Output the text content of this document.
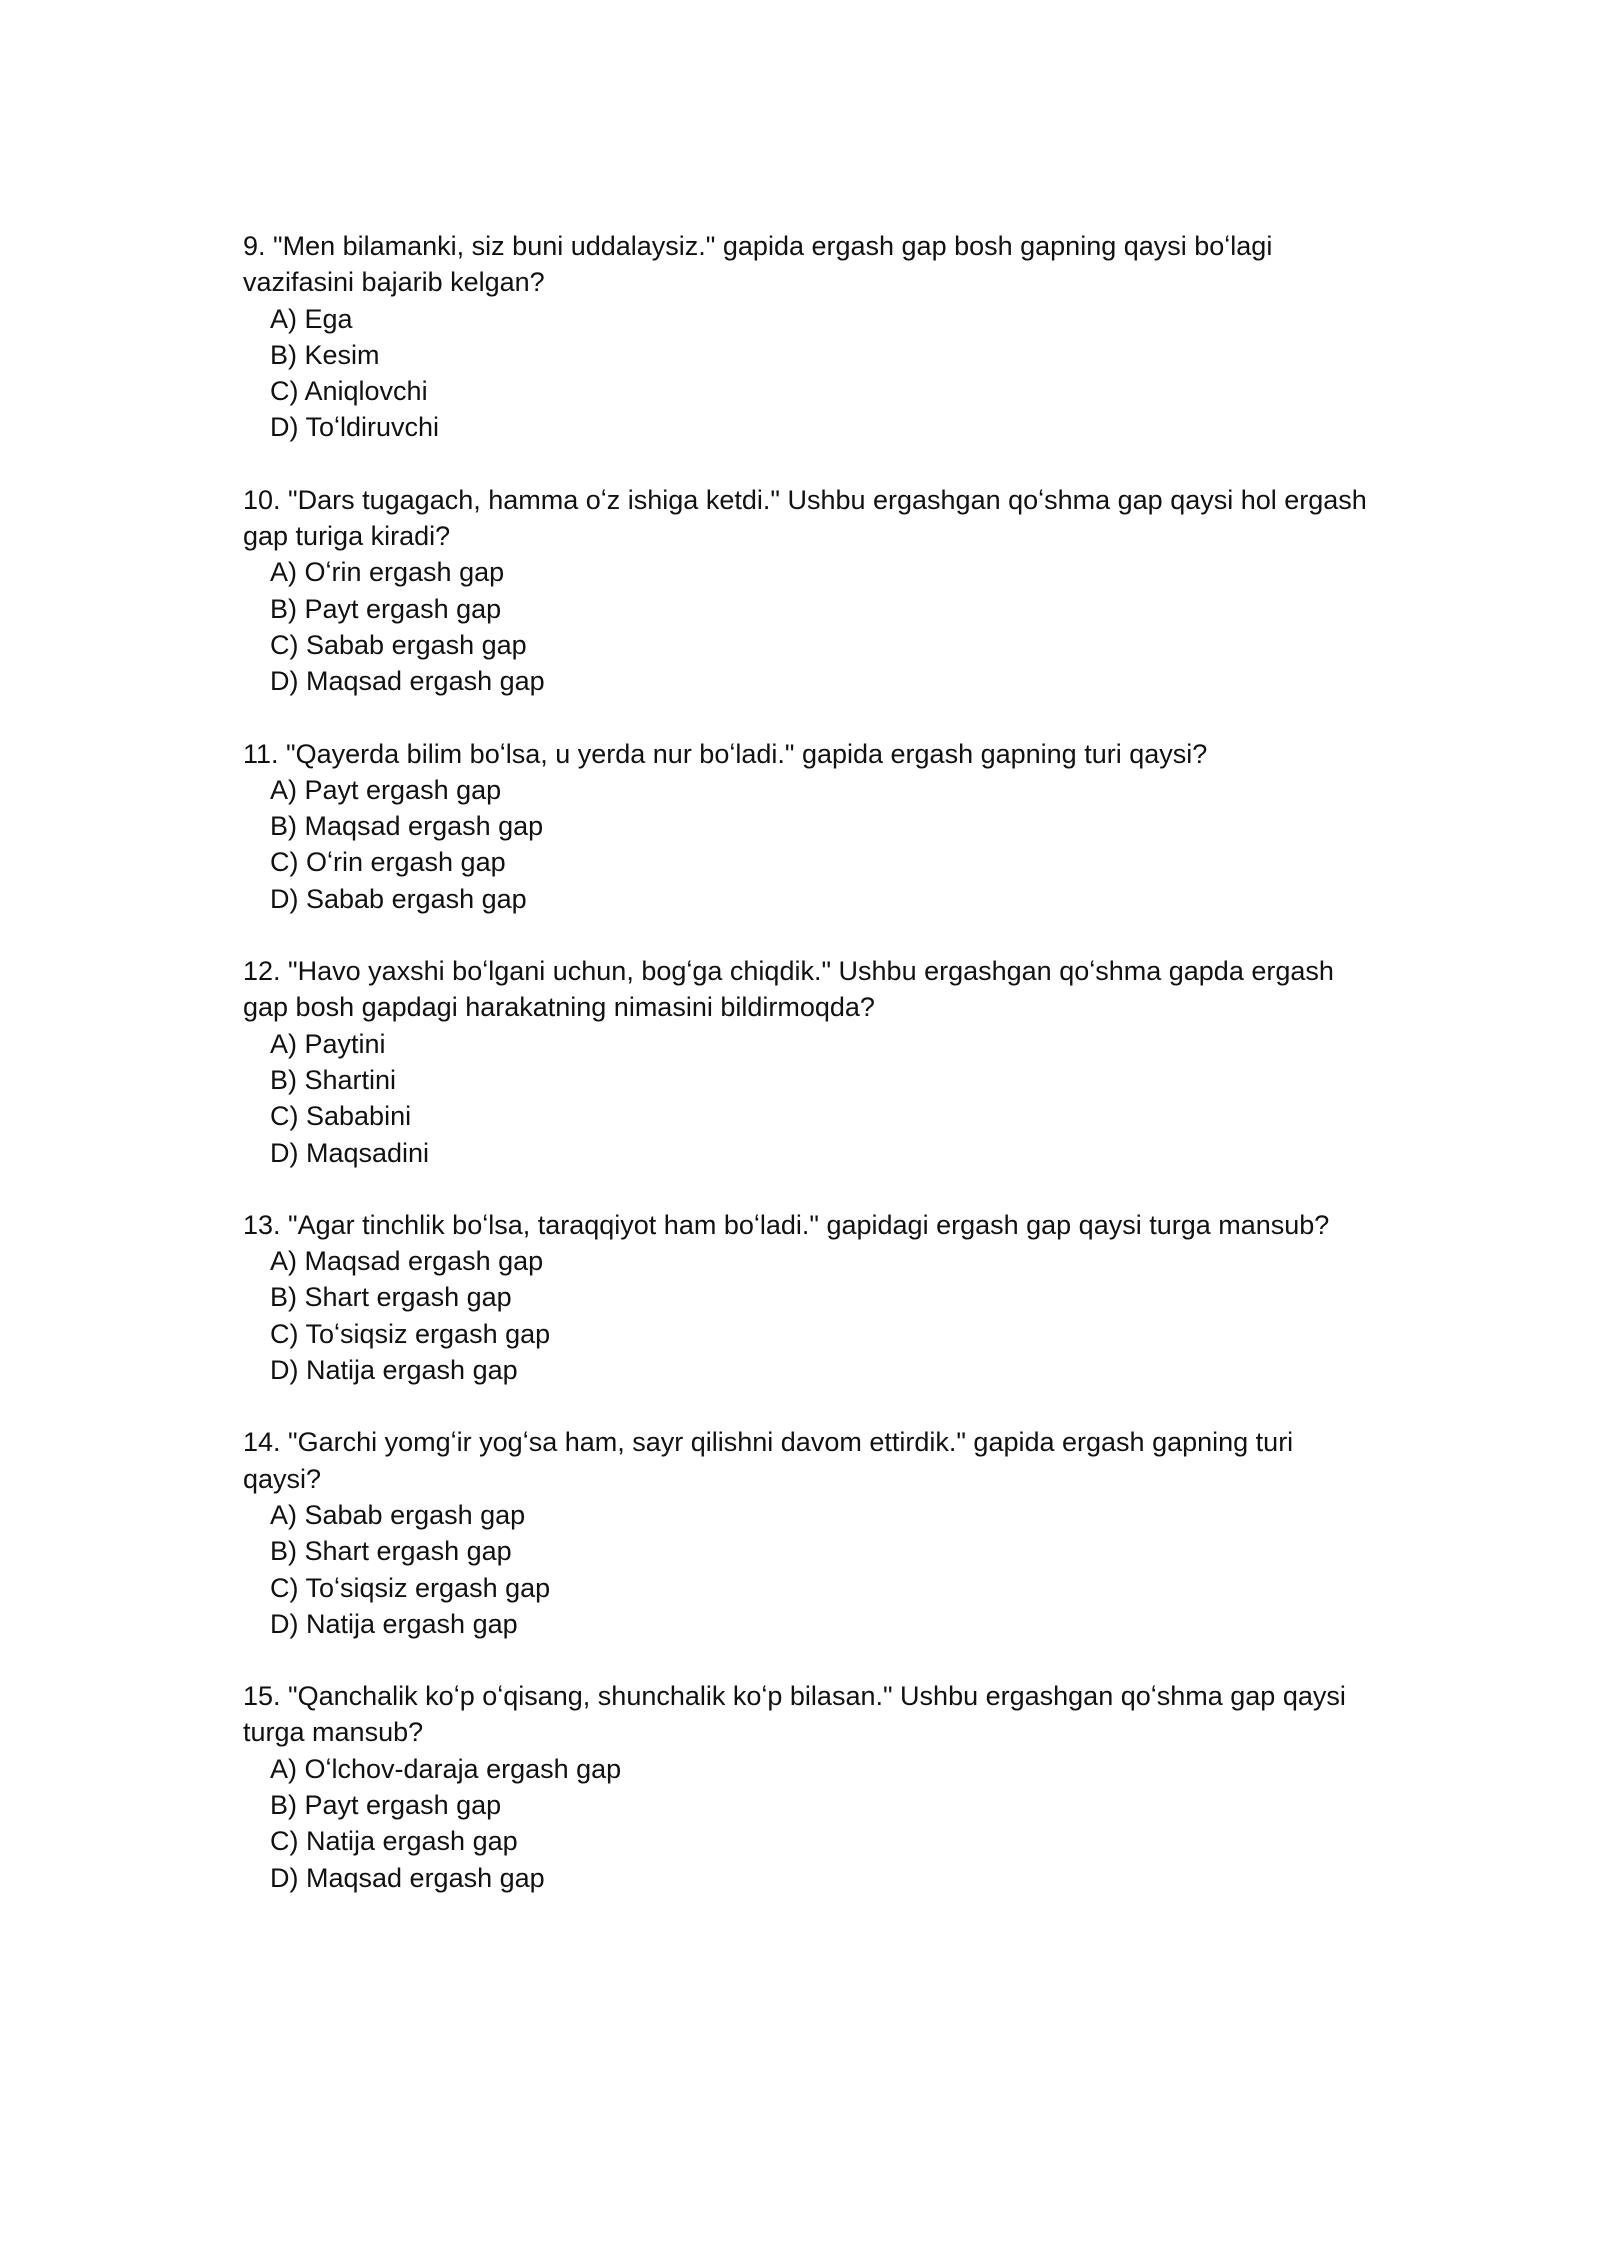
9. "Men bilamanki, siz buni uddalaysiz." gapida ergash gap bosh gapning qaysi boʻlagi vazifasini bajarib kelgan?

A) Ega
B) Kesim
C) Aniqlovchi
D) Toʻldiruvchi

10. "Dars tugagach, hamma oʻz ishiga ketdi." Ushbu ergashgan qoʻshma gap qaysi hol ergash gap turiga kiradi?

A) Oʻrin ergash gap
B) Payt ergash gap
C) Sabab ergash gap
D) Maqsad ergash gap

11. "Qayerda bilim boʻlsa, u yerda nur boʻladi." gapida ergash gapning turi qaysi?

A) Payt ergash gap
B) Maqsad ergash gap
C) Oʻrin ergash gap
D) Sabab ergash gap

12. "Havo yaxshi boʻlgani uchun, bogʻga chiqdik." Ushbu ergashgan qoʻshma gapda ergash gap bosh gapdagi harakatning nimasini bildirmoqda?

A) Paytini
B) Shartini
C) Sababini
D) Maqsadini

13. "Agar tinchlik boʻlsa, taraqqiyot ham boʻladi." gapidagi ergash gap qaysi turga mansub?

A) Maqsad ergash gap
B) Shart ergash gap
C) Toʻsiqsiz ergash gap
D) Natija ergash gap

14. "Garchi yomgʻir yogʻsa ham, sayr qilishni davom ettirdik." gapida ergash gapning turi qaysi?

A) Sabab ergash gap
B) Shart ergash gap
C) Toʻsiqsiz ergash gap
D) Natija ergash gap

15. "Qanchalik koʻp oʻqisang, shunchalik koʻp bilasan." Ushbu ergashgan qoʻshma gap qaysi turga mansub?

A) Oʻlchov-daraja ergash gap
B) Payt ergash gap
C) Natija ergash gap
D) Maqsad ergash gap
